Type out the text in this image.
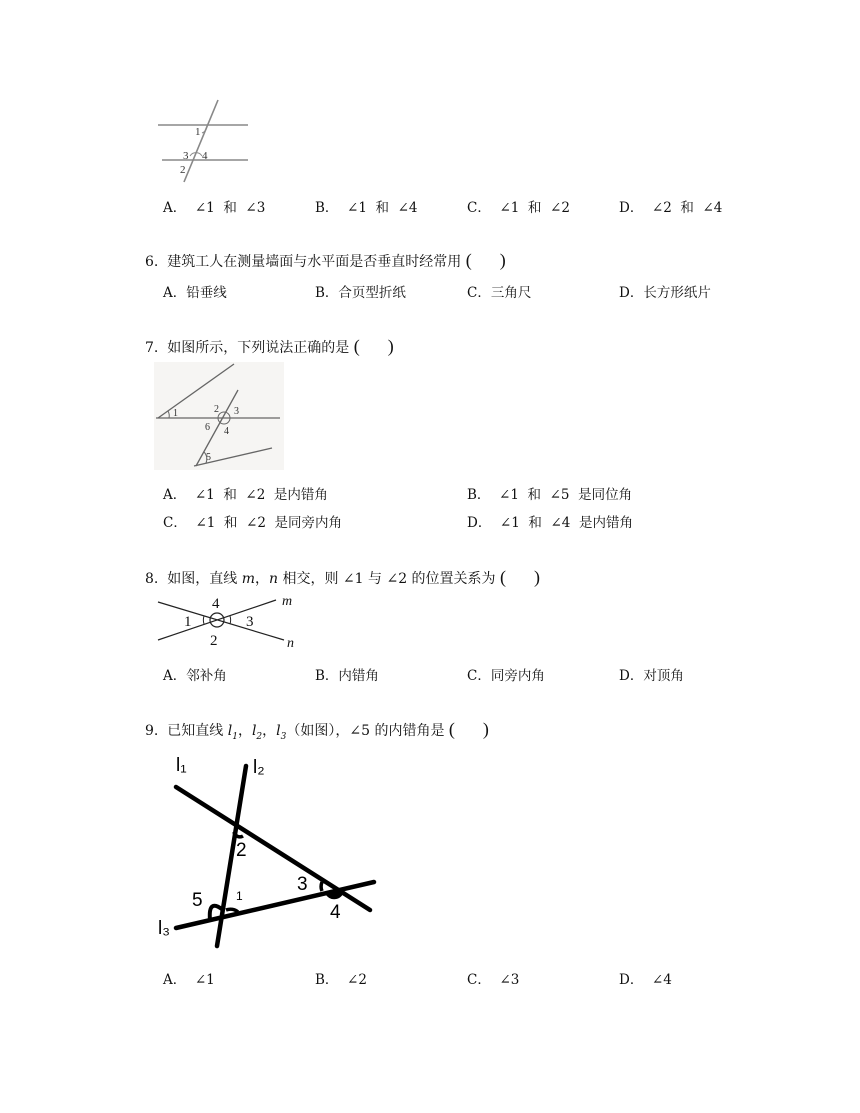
1
3 4
2
A． ∠1  和  ∠3	B． ∠1  和  ∠4	C． ∠1  和  ∠2	D． ∠2  和  ∠4
6. 建筑工人在测量墙面与水平面是否垂直时经常用 ( )
A．铅垂线	B．合页型折纸	C．三角尺	D．长方形纸片
7. 如图所示，下列说法正确的是 ( )
1	2 3
6 4
5
A． ∠1  和  ∠2  是内错角	B． ∠1  和  ∠5  是同位角
C． ∠1  和  ∠2  是同旁内角	D． ∠1  和  ∠4  是内错角
8. 如图，直线 m，n 相交，则 ∠1 与 ∠2 的位置关系为 ( )
4
1	3
2
m
n
A．邻补角	B．内错角	C．同旁内角	D．对顶角
9. 已知直线 $l_1$，$l_2$，$l_3$（如图），∠5 的内错角是 ( )
l₁	l₂
l₃
2
3
5	1
4
A． ∠1	B． ∠2	C． ∠3	D． ∠4
